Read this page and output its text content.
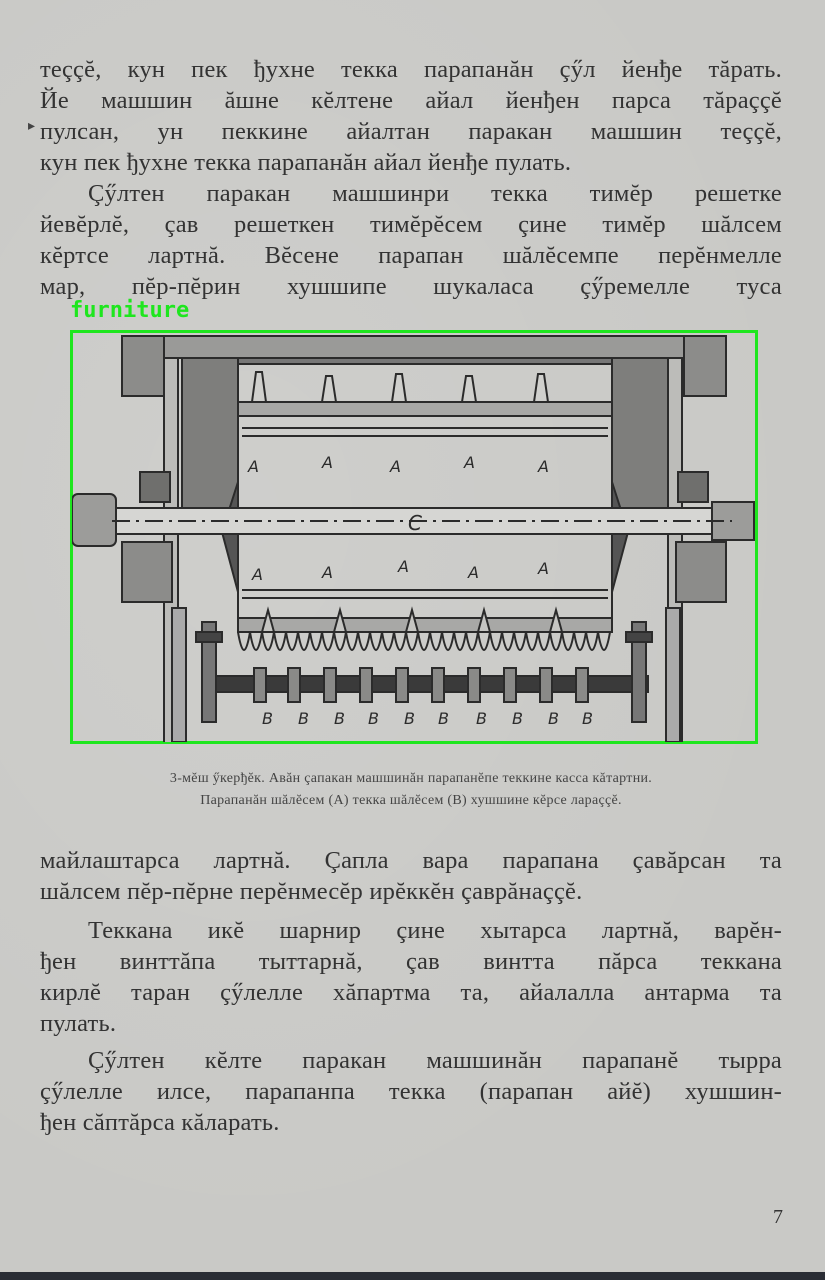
теççĕ, кун пек ђухне текка парапанăн çӳл йенђе тăрать.
Йе машшин ăшне кĕлтене айал йенђен парса тăраççĕ
пулсан, ун пеккине айалтан паракан машшин теççĕ,
кун пек ђухне текка парапанăн айал йенђе пулать.
Çӳлтен паракан машшинри текка тимĕр решетке
йевĕрлĕ, çав решеткен тимĕрĕсем çине тимĕр шăлсем
кĕртсе лартнă. Вĕсене парапан шăлĕсемпе перĕнмелле
мар, пĕр-пĕрин хушшипе шукаласа çӳремелле туса
▸
furniture
A	A	A	A	A
A	A	A	A	A
C
B B B B B B B B B B
3-мĕш ӳкерђĕк. Авăн çапакан машшинăн парапанĕпе теккине касса кăтартни.
Парапанăн шăлĕсем (А) текка шăлĕсем (В) хушшине кĕрсе лараççĕ.
майлаштарса лартнă. Çапла вара парапана çавăрсан та
шăлсем пĕр-пĕрне перĕнмесĕр ирĕккĕн çаврăнаççĕ.
Теккана икĕ шарнир çине хытарса лартнă, варĕн-
ђен винттăпа тыттарнă, çав винтта пăрса теккана
кирлĕ таран çӳлелле хăпартма та, айалалла антарма та
пулать.
Çӳлтен кĕлте паракан машшинăн парапанĕ тырра
çӳлелле илсе, парапанпа текка (парапан айĕ) хушшин-
ђен сăптăрса кăларать.
7
